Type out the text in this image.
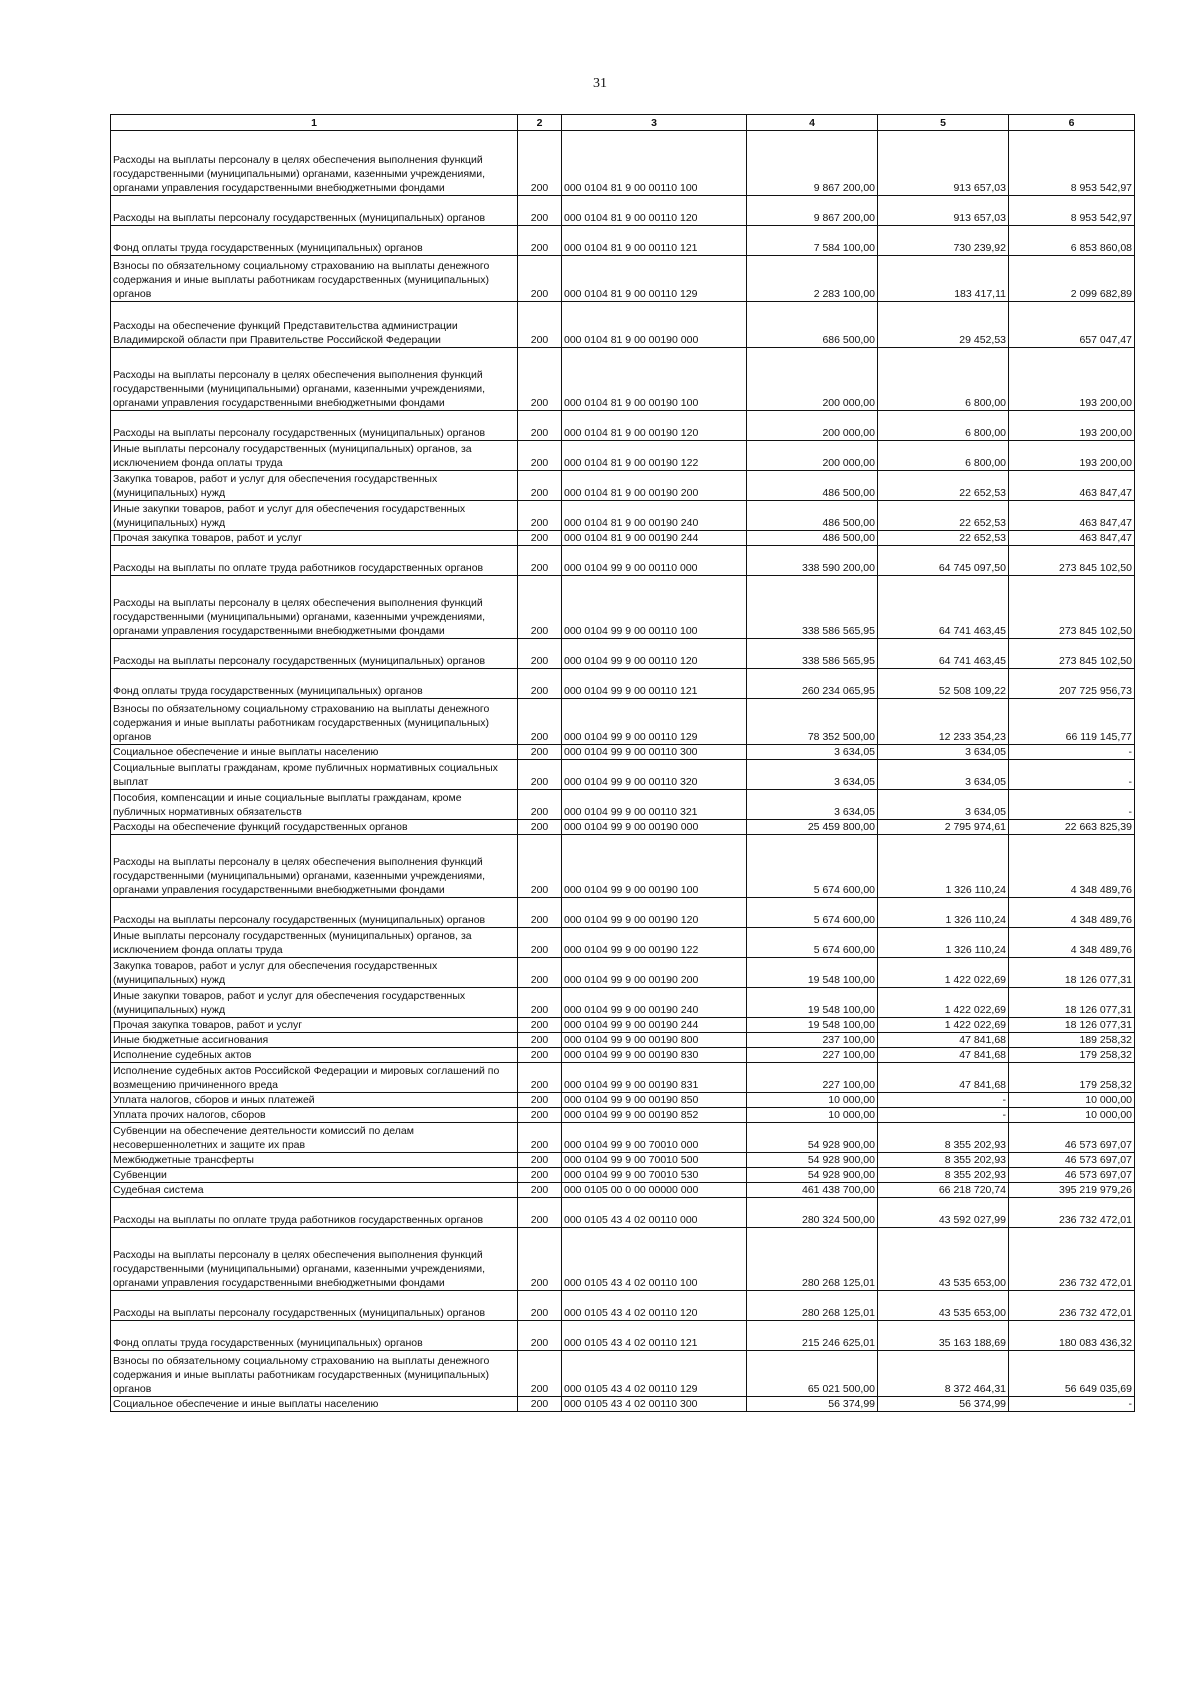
31
1	2	3	4	5	6
Расходы на выплаты персоналу в целях обеспечения выполнения функций государственными (муниципальными) органами, казенными учреждениями, органами управления государственными внебюджетными фондами	200	000 0104 81 9 00 00110 100	9 867 200,00	913 657,03	8 953 542,97
Расходы на выплаты персоналу государственных (муниципальных) органов	200	000 0104 81 9 00 00110 120	9 867 200,00	913 657,03	8 953 542,97
Фонд оплаты труда государственных (муниципальных) органов	200	000 0104 81 9 00 00110 121	7 584 100,00	730 239,92	6 853 860,08
Взносы по обязательному социальному страхованию на выплаты денежного содержания и иные выплаты работникам государственных (муниципальных) органов	200	000 0104 81 9 00 00110 129	2 283 100,00	183 417,11	2 099 682,89
Расходы на обеспечение функций Представительства администрации Владимирской области при Правительстве Российской Федерации	200	000 0104 81 9 00 00190 000	686 500,00	29 452,53	657 047,47
Расходы на выплаты персоналу в целях обеспечения выполнения функций государственными (муниципальными) органами, казенными учреждениями, органами управления государственными внебюджетными фондами	200	000 0104 81 9 00 00190 100	200 000,00	6 800,00	193 200,00
Расходы на выплаты персоналу государственных (муниципальных) органов	200	000 0104 81 9 00 00190 120	200 000,00	6 800,00	193 200,00
Иные выплаты персоналу государственных (муниципальных) органов, за исключением фонда оплаты труда	200	000 0104 81 9 00 00190 122	200 000,00	6 800,00	193 200,00
Закупка товаров, работ и услуг для обеспечения государственных (муниципальных) нужд	200	000 0104 81 9 00 00190 200	486 500,00	22 652,53	463 847,47
Иные закупки товаров, работ и услуг для обеспечения государственных (муниципальных) нужд	200	000 0104 81 9 00 00190 240	486 500,00	22 652,53	463 847,47
Прочая закупка товаров, работ и услуг	200	000 0104 81 9 00 00190 244	486 500,00	22 652,53	463 847,47
Расходы на выплаты по оплате труда работников государственных органов	200	000 0104 99 9 00 00110 000	338 590 200,00	64 745 097,50	273 845 102,50
Расходы на выплаты персоналу в целях обеспечения выполнения функций государственными (муниципальными) органами, казенными учреждениями, органами управления государственными внебюджетными фондами	200	000 0104 99 9 00 00110 100	338 586 565,95	64 741 463,45	273 845 102,50
Расходы на выплаты персоналу государственных (муниципальных) органов	200	000 0104 99 9 00 00110 120	338 586 565,95	64 741 463,45	273 845 102,50
Фонд оплаты труда государственных (муниципальных) органов	200	000 0104 99 9 00 00110 121	260 234 065,95	52 508 109,22	207 725 956,73
Взносы по обязательному социальному страхованию на выплаты денежного содержания и иные выплаты работникам государственных (муниципальных) органов	200	000 0104 99 9 00 00110 129	78 352 500,00	12 233 354,23	66 119 145,77
Социальное обеспечение и иные выплаты населению	200	000 0104 99 9 00 00110 300	3 634,05	3 634,05	-
Социальные выплаты гражданам, кроме публичных нормативных социальных выплат	200	000 0104 99 9 00 00110 320	3 634,05	3 634,05	-
Пособия, компенсации и иные социальные выплаты гражданам, кроме публичных нормативных обязательств	200	000 0104 99 9 00 00110 321	3 634,05	3 634,05	-
Расходы на обеспечение функций государственных органов	200	000 0104 99 9 00 00190 000	25 459 800,00	2 795 974,61	22 663 825,39
Расходы на выплаты персоналу в целях обеспечения выполнения функций государственными (муниципальными) органами, казенными учреждениями, органами управления государственными внебюджетными фондами	200	000 0104 99 9 00 00190 100	5 674 600,00	1 326 110,24	4 348 489,76
Расходы на выплаты персоналу государственных (муниципальных) органов	200	000 0104 99 9 00 00190 120	5 674 600,00	1 326 110,24	4 348 489,76
Иные выплаты персоналу государственных (муниципальных) органов, за исключением фонда оплаты труда	200	000 0104 99 9 00 00190 122	5 674 600,00	1 326 110,24	4 348 489,76
Закупка товаров, работ и услуг для обеспечения государственных (муниципальных) нужд	200	000 0104 99 9 00 00190 200	19 548 100,00	1 422 022,69	18 126 077,31
Иные закупки товаров, работ и услуг для обеспечения государственных (муниципальных) нужд	200	000 0104 99 9 00 00190 240	19 548 100,00	1 422 022,69	18 126 077,31
Прочая закупка товаров, работ и услуг	200	000 0104 99 9 00 00190 244	19 548 100,00	1 422 022,69	18 126 077,31
Иные бюджетные ассигнования	200	000 0104 99 9 00 00190 800	237 100,00	47 841,68	189 258,32
Исполнение судебных актов	200	000 0104 99 9 00 00190 830	227 100,00	47 841,68	179 258,32
Исполнение судебных актов Российской Федерации и мировых соглашений по возмещению причиненного вреда	200	000 0104 99 9 00 00190 831	227 100,00	47 841,68	179 258,32
Уплата налогов, сборов и иных платежей	200	000 0104 99 9 00 00190 850	10 000,00	-	10 000,00
Уплата прочих налогов, сборов	200	000 0104 99 9 00 00190 852	10 000,00	-	10 000,00
Субвенции на обеспечение деятельности комиссий по делам несовершеннолетних и защите их прав	200	000 0104 99 9 00 70010 000	54 928 900,00	8 355 202,93	46 573 697,07
Межбюджетные трансферты	200	000 0104 99 9 00 70010 500	54 928 900,00	8 355 202,93	46 573 697,07
Субвенции	200	000 0104 99 9 00 70010 530	54 928 900,00	8 355 202,93	46 573 697,07
Судебная система	200	000 0105 00 0 00 00000 000	461 438 700,00	66 218 720,74	395 219 979,26
Расходы на выплаты по оплате труда работников государственных органов	200	000 0105 43 4 02 00110 000	280 324 500,00	43 592 027,99	236 732 472,01
Расходы на выплаты персоналу в целях обеспечения выполнения функций государственными (муниципальными) органами, казенными учреждениями, органами управления государственными внебюджетными фондами	200	000 0105 43 4 02 00110 100	280 268 125,01	43 535 653,00	236 732 472,01
Расходы на выплаты персоналу государственных (муниципальных) органов	200	000 0105 43 4 02 00110 120	280 268 125,01	43 535 653,00	236 732 472,01
Фонд оплаты труда государственных (муниципальных) органов	200	000 0105 43 4 02 00110 121	215 246 625,01	35 163 188,69	180 083 436,32
Взносы по обязательному социальному страхованию на выплаты денежного содержания и иные выплаты работникам государственных (муниципальных) органов	200	000 0105 43 4 02 00110 129	65 021 500,00	8 372 464,31	56 649 035,69
Социальное обеспечение и иные выплаты населению	200	000 0105 43 4 02 00110 300	56 374,99	56 374,99	-
